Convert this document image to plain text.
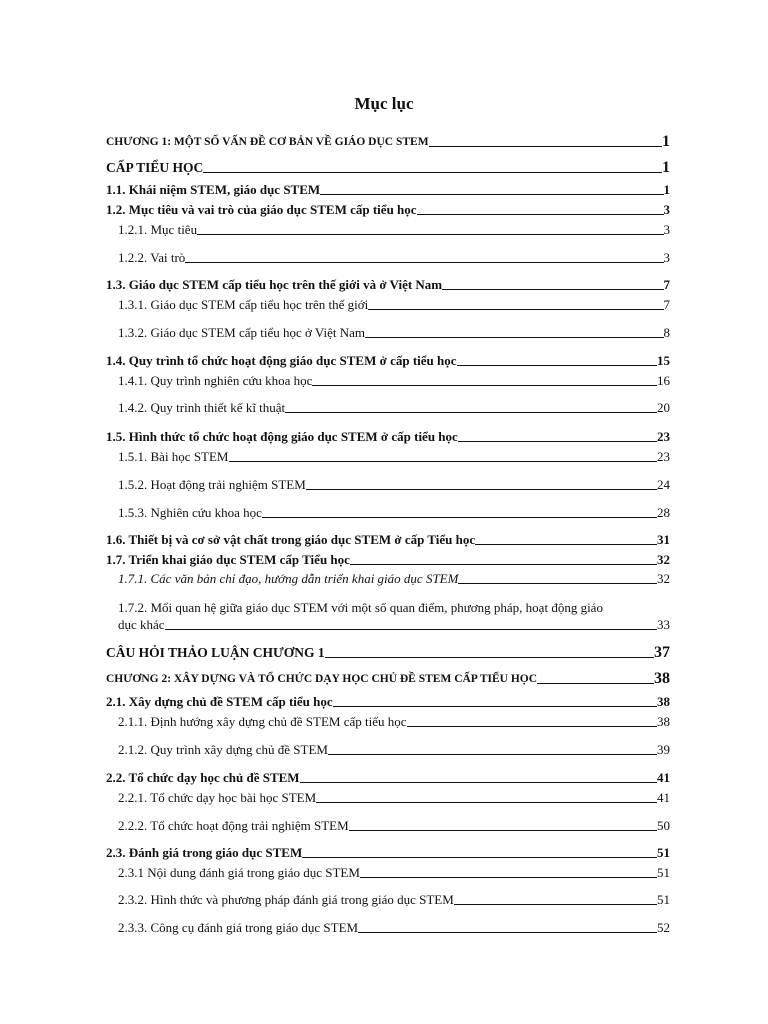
Mục lục
CHƯƠNG 1: MỘT SỐ VẤN ĐỀ CƠ BẢN VỀ GIÁO DỤC STEM	1
CẤP TIỂU HỌC	1
1.1. Khái niệm STEM, giáo dục STEM	1
1.2. Mục tiêu và vai trò của giáo dục STEM cấp tiểu học	3
1.2.1. Mục tiêu	3
1.2.2. Vai trò	3
1.3. Giáo dục STEM cấp tiểu học trên thế giới và ở Việt Nam	7
1.3.1. Giáo dục STEM cấp tiểu học trên thế giới	7
1.3.2. Giáo dục STEM cấp tiểu học ở Việt Nam	8
1.4. Quy trình tổ chức hoạt động giáo dục STEM ở cấp tiểu học	15
1.4.1. Quy trình nghiên cứu khoa học	16
1.4.2. Quy trình thiết kế kĩ thuật	20
1.5. Hình thức tổ chức hoạt động giáo dục STEM ở cấp tiểu học	23
1.5.1. Bài học STEM	23
1.5.2. Hoạt động trải nghiệm STEM	24
1.5.3. Nghiên cứu khoa học	28
1.6. Thiết bị và cơ sở vật chất trong giáo dục STEM ở cấp Tiểu học	31
1.7. Triển khai giáo dục STEM cấp Tiểu học	32
1.7.1. Các văn bản chỉ đạo, hướng dẫn triển khai giáo dục STEM	32
1.7.2. Mối quan hệ giữa giáo dục STEM với một số quan điểm, phương pháp, hoạt động giáo
dục khác	33
CÂU HỎI THẢO LUẬN CHƯƠNG 1	37
CHƯƠNG 2: XÂY DỰNG VÀ TỔ CHỨC DẠY HỌC CHỦ ĐỀ STEM CẤP TIỂU HỌC	38
2.1. Xây dựng chủ đề STEM cấp tiểu học	38
2.1.1. Định hướng xây dựng chủ đề STEM cấp tiểu học	38
2.1.2. Quy trình xây dựng chủ đề STEM	39
2.2. Tổ chức dạy học chủ đề STEM	41
2.2.1. Tổ chức dạy học bài học STEM	41
2.2.2. Tổ chức hoạt động trải nghiệm STEM	50
2.3. Đánh giá trong giáo dục STEM	51
2.3.1 Nội dung đánh giá trong giáo dục STEM	51
2.3.2. Hình thức và phương pháp đánh giá trong giáo dục STEM	51
2.3.3. Công cụ đánh giá trong giáo dục STEM	52
